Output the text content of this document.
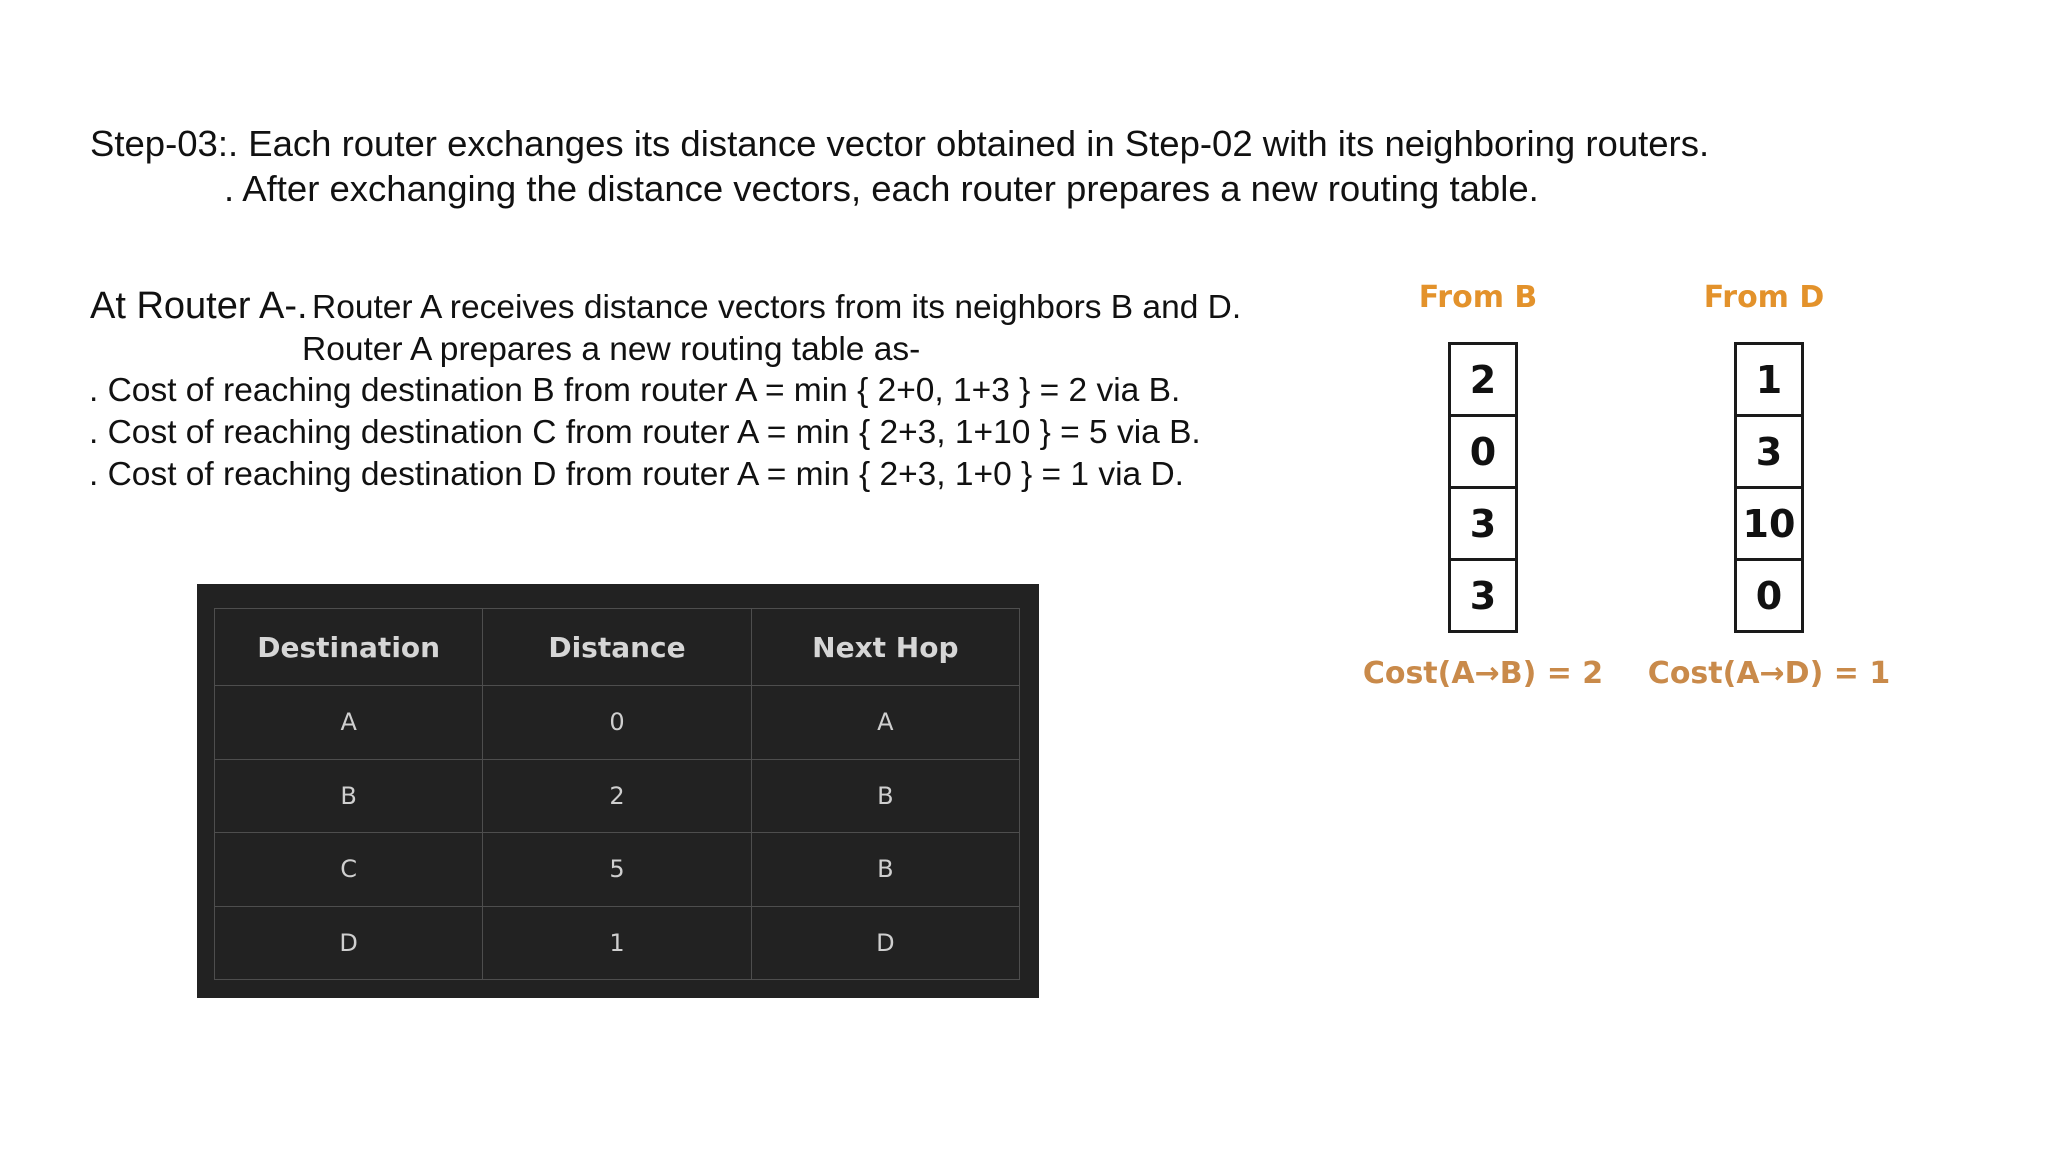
Step-03:. Each router exchanges its distance vector obtained in Step-02 with its neighboring routers.
. After exchanging the distance vectors, each router prepares a new routing table.
At Router A-. Router A receives distance vectors from its neighbors B and D.
Router A prepares a new routing table as-
. Cost of reaching destination B from router A = min { 2+0, 1+3 } = 2 via B.
. Cost of reaching destination C from router A = min { 2+3, 1+10 } = 5 via B.
. Cost of reaching destination D from router A = min { 2+3, 1+0 } = 1 via D.
Destination	Distance	Next Hop
A	0	A
B	2	B
C	5	B
D	1	D
From B
2
0
3
3
Cost(A→B) = 2
From D
1
3
10
0
Cost(A→D) = 1
